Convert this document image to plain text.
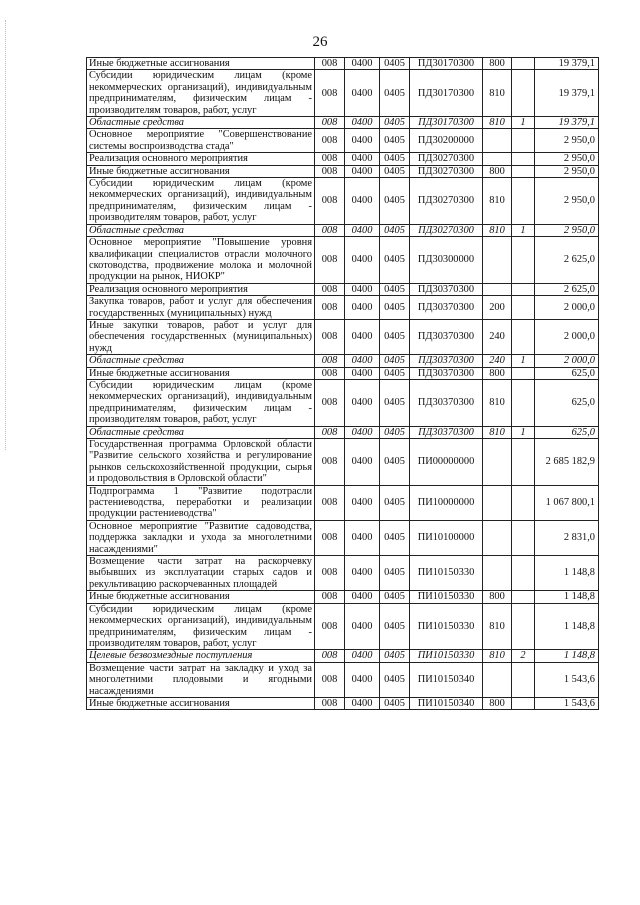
26
Иные бюджетные ассигнования	008	0400	0405	ПД30170300	800		19 379,1
Субсидии юридическим лицам (кроме некоммерческих организаций), индивидуальным предпринимателям, физическим лицам - производителям товаров, работ, услуг	008	0400	0405	ПД30170300	810		19 379,1
Областные средства	008	0400	0405	ПД30170300	810	1	19 379,1
Основное мероприятие "Совершенствование системы воспроизводства стада"	008	0400	0405	ПД30200000			2 950,0
Реализация основного мероприятия	008	0400	0405	ПД30270300			2 950,0
Иные бюджетные ассигнования	008	0400	0405	ПД30270300	800		2 950,0
Субсидии юридическим лицам (кроме некоммерческих организаций), индивидуальным предпринимателям, физическим лицам - производителям товаров, работ, услуг	008	0400	0405	ПД30270300	810		2 950,0
Областные средства	008	0400	0405	ПД30270300	810	1	2 950,0
Основное мероприятие "Повышение уровня квалификации специалистов отрасли молочного скотоводства, продвижение молока и молочной продукции на рынок, НИОКР"	008	0400	0405	ПД30300000			2 625,0
Реализация основного мероприятия	008	0400	0405	ПД30370300			2 625,0
Закупка товаров, работ и услуг для обеспечения государственных (муниципальных) нужд	008	0400	0405	ПД30370300	200		2 000,0
Иные закупки товаров, работ и услуг для обеспечения государственных (муниципальных) нужд	008	0400	0405	ПД30370300	240		2 000,0
Областные средства	008	0400	0405	ПД30370300	240	1	2 000,0
Иные бюджетные ассигнования	008	0400	0405	ПД30370300	800		625,0
Субсидии юридическим лицам (кроме некоммерческих организаций), индивидуальным предпринимателям, физическим лицам - производителям товаров, работ, услуг	008	0400	0405	ПД30370300	810		625,0
Областные средства	008	0400	0405	ПД30370300	810	1	625,0
Государственная программа Орловской области "Развитие сельского хозяйства и регулирование рынков сельскохозяйственной продукции, сырья и продовольствия в Орловской области"	008	0400	0405	ПИ00000000			2 685 182,9
Подпрограмма 1 "Развитие подотрасли растениеводства, переработки и реализации продукции растениеводства"	008	0400	0405	ПИ10000000			1 067 800,1
Основное мероприятие "Развитие садоводства, поддержка закладки и ухода за многолетними насаждениями"	008	0400	0405	ПИ10100000			2 831,0
Возмещение части затрат на раскорчевку выбывших из эксплуатации старых садов и рекультивацию раскорчеванных площадей	008	0400	0405	ПИ10150330			1 148,8
Иные бюджетные ассигнования	008	0400	0405	ПИ10150330	800		1 148,8
Субсидии юридическим лицам (кроме некоммерческих организаций), индивидуальным предпринимателям, физическим лицам - производителям товаров, работ, услуг	008	0400	0405	ПИ10150330	810		1 148,8
Целевые безвозмездные поступления	008	0400	0405	ПИ10150330	810	2	1 148,8
Возмещение части затрат на закладку и уход за многолетними плодовыми и ягодными насаждениями	008	0400	0405	ПИ10150340			1 543,6
Иные бюджетные ассигнования	008	0400	0405	ПИ10150340	800		1 543,6
